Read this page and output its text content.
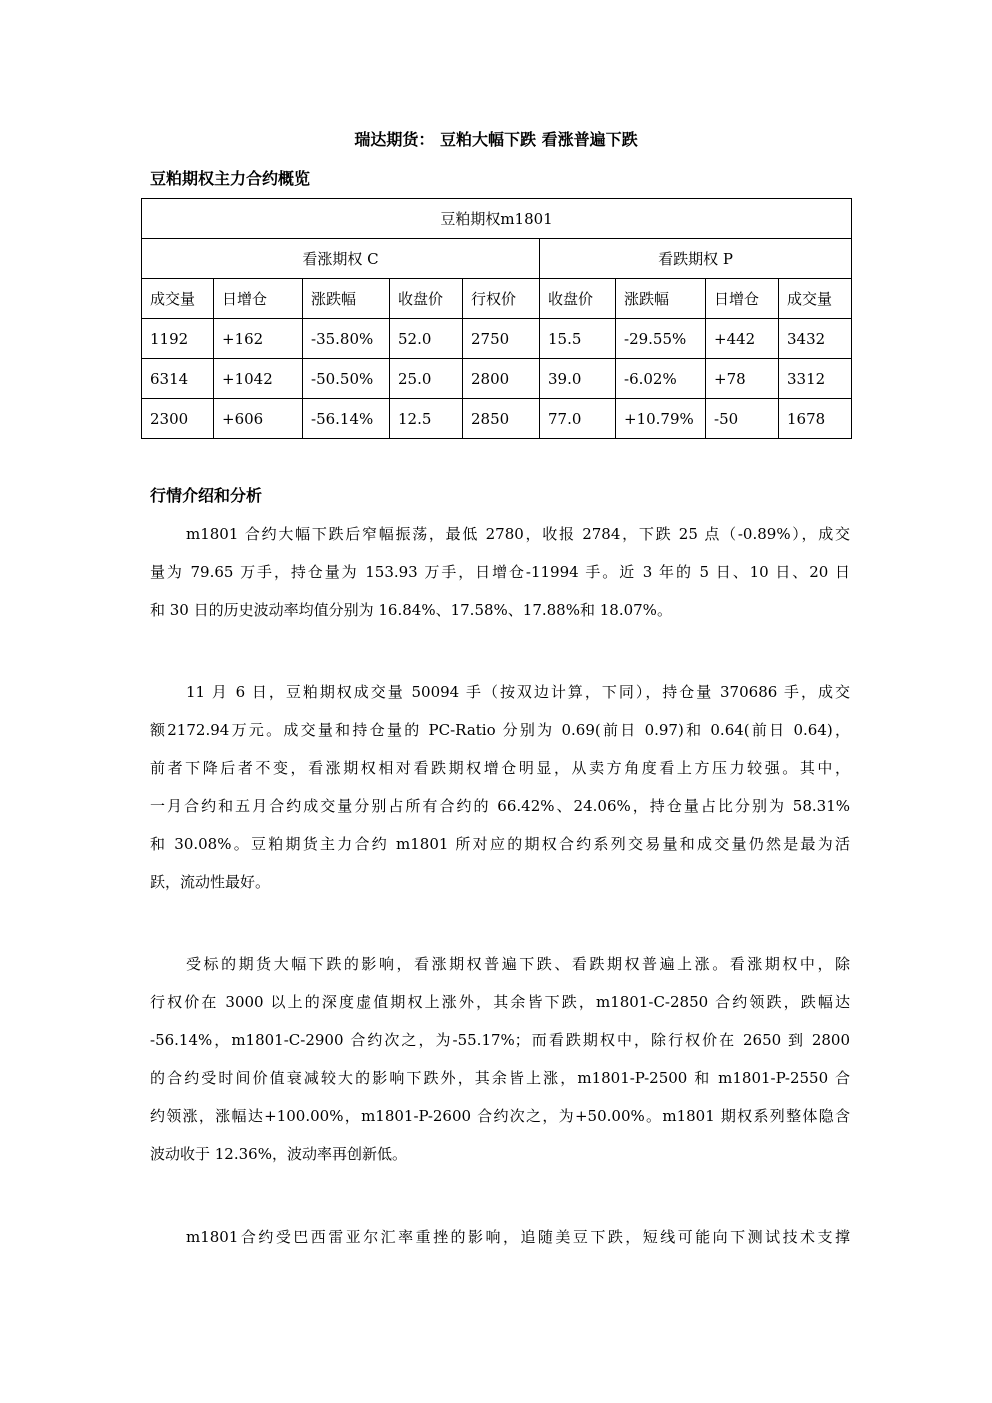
瑞达期货： 豆粕大幅下跌 看涨普遍下跌
豆粕期权主力合约概览
豆粕期权m1801								
看涨期权 C					看跌期权 P			
成交量	日增仓	涨跌幅	收盘价	行权价	收盘价	涨跌幅	日增仓	成交量
1192	+162	-35.80%	52.0	2750	15.5	-29.55%	+442	3432
6314	+1042	-50.50%	25.0	2800	39.0	-6.02%	+78	3312
2300	+606	-56.14%	12.5	2850	77.0	+10.79%	-50	1678
行情介绍和分析
m1801 合约大幅下跌后窄幅振荡，最低 2780，收报 2784，下跌 25 点（-0.89%），成交
量为 79.65 万手，持仓量为 153.93 万手，日增仓-11994 手。近 3 年的 5 日、10 日、20 日
和 30 日的历史波动率均值分别为 16.84%、17.58%、17.88%和 18.07%。
11 月 6 日，豆粕期权成交量 50094 手（按双边计算，下同），持仓量 370686 手，成交
额2172.94万元。成交量和持仓量的 PC-Ratio 分别为 0.69(前日 0.97)和 0.64(前日 0.64)，
前者下降后者不变，看涨期权相对看跌期权增仓明显，从卖方角度看上方压力较强。其中，
一月合约和五月合约成交量分别占所有合约的 66.42%、24.06%，持仓量占比分别为 58.31%
和 30.08%。豆粕期货主力合约 m1801 所对应的期权合约系列交易量和成交量仍然是最为活
跃，流动性最好。
受标的期货大幅下跌的影响，看涨期权普遍下跌、看跌期权普遍上涨。看涨期权中，除
行权价在 3000 以上的深度虚值期权上涨外，其余皆下跌，m1801-C-2850 合约领跌，跌幅达
-56.14%，m1801-C-2900 合约次之，为-55.17%；而看跌期权中，除行权价在 2650 到 2800
的合约受时间价值衰减较大的影响下跌外，其余皆上涨，m1801-P-2500 和 m1801-P-2550 合
约领涨，涨幅达+100.00%，m1801-P-2600 合约次之，为+50.00%。m1801 期权系列整体隐含
波动收于 12.36%，波动率再创新低。
m1801合约受巴西雷亚尔汇率重挫的影响，追随美豆下跌，短线可能向下测试技术支撑
